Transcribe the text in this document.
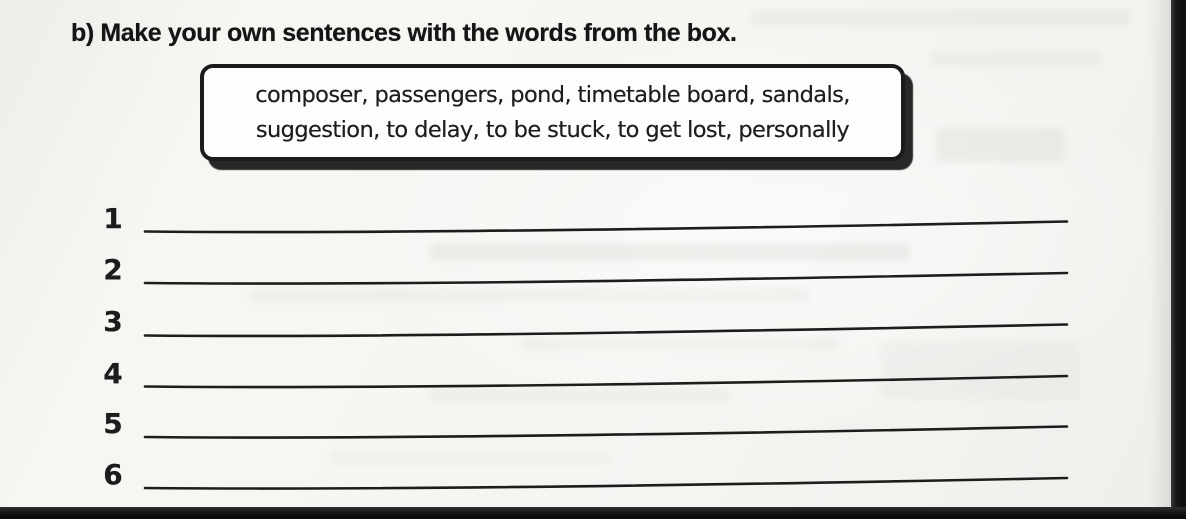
b) Make your own sentences with the words from the box.
composer, passengers, pond, timetable board, sandals,
suggestion, to delay, to be stuck, to get lost, personally
1
2
3
4
5
6
